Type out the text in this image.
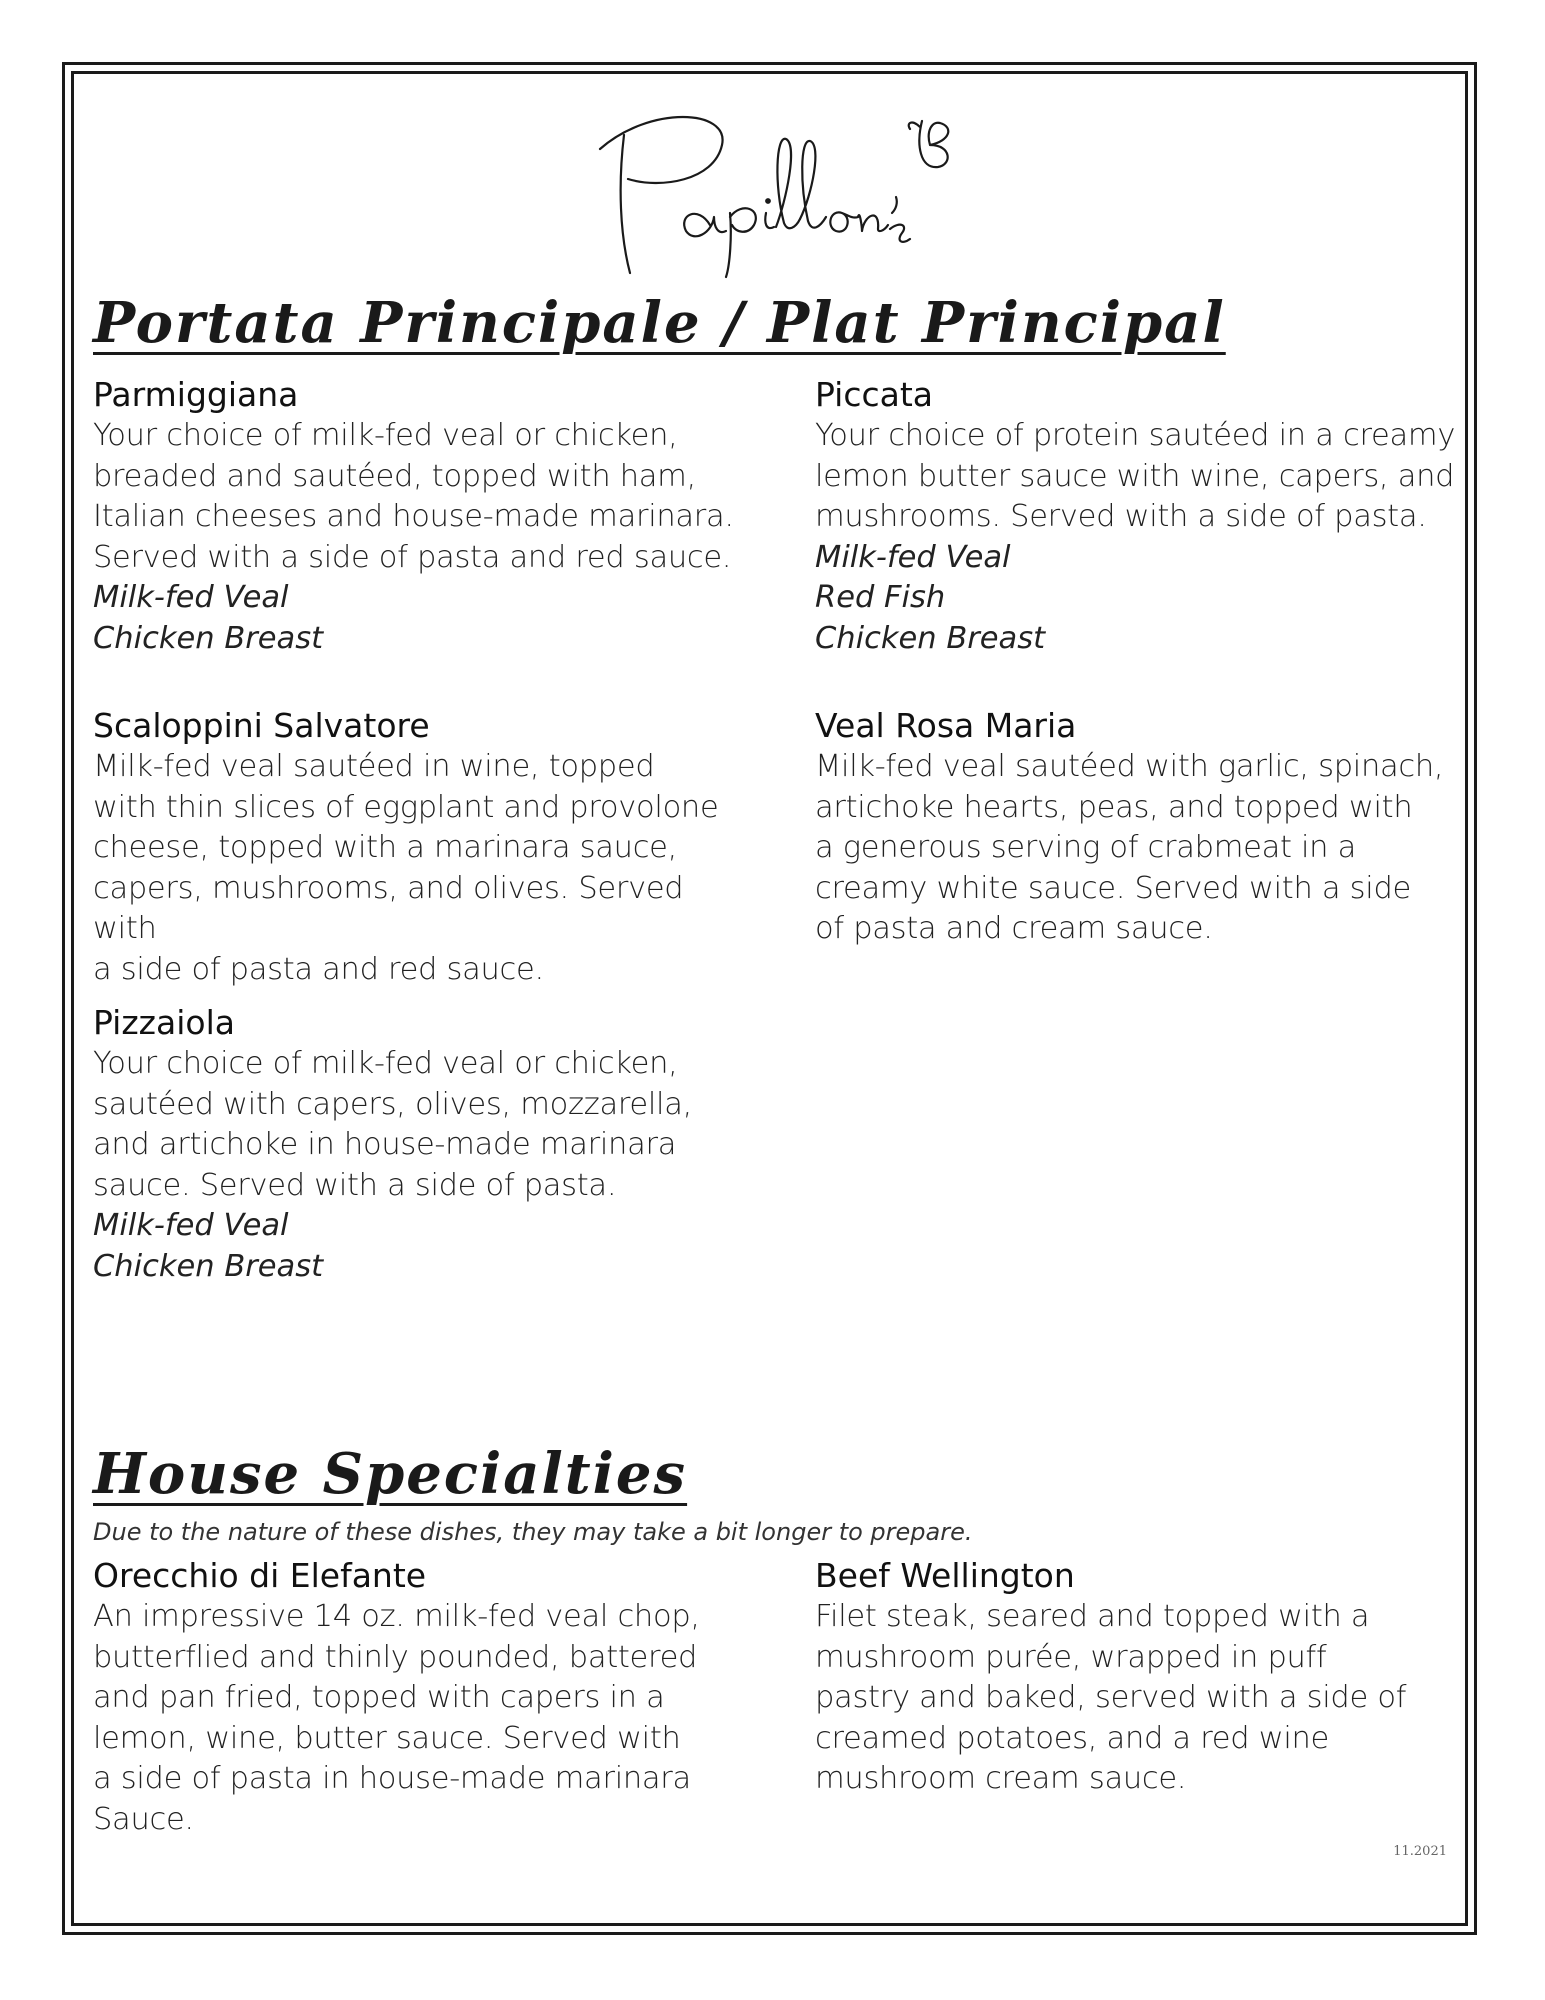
Portata Principale / Plat Principal
Parmiggiana
Your choice of milk-fed veal or chicken,
breaded and sautéed, topped with ham,
Italian cheeses and house-made marinara.
Served with a side of pasta and red sauce.
Milk-fed Veal
Chicken Breast
Piccata
Your choice of protein sautéed in a creamy
lemon butter sauce with wine, capers, and
mushrooms. Served with a side of pasta.
Milk-fed Veal
Red Fish
Chicken Breast
Scaloppini Salvatore
Milk-fed veal sautéed in wine, topped
with thin slices of eggplant and provolone
cheese, topped with a marinara sauce,
capers, mushrooms, and olives. Served with
a side of pasta and red sauce.
Veal Rosa Maria
Milk-fed veal sautéed with garlic, spinach,
artichoke hearts, peas, and topped with
a generous serving of crabmeat in a
creamy white sauce. Served with a side
of pasta and cream sauce.
Pizzaiola
Your choice of milk-fed veal or chicken,
sautéed with capers, olives, mozzarella,
and artichoke in house-made marinara
sauce. Served with a side of pasta.
Milk-fed Veal
Chicken Breast
House Specialties
Due to the nature of these dishes, they may take a bit longer to prepare.
Orecchio di Elefante
An impressive 14 oz. milk-fed veal chop,
butterflied and thinly pounded, battered
and pan fried, topped with capers in a
lemon, wine, butter sauce. Served with
a side of pasta in house-made marinara
Sauce.
Beef Wellington
Filet steak, seared and topped with a
mushroom purée, wrapped in puff
pastry and baked, served with a side of
creamed potatoes, and a red wine
mushroom cream sauce.
11.2021
